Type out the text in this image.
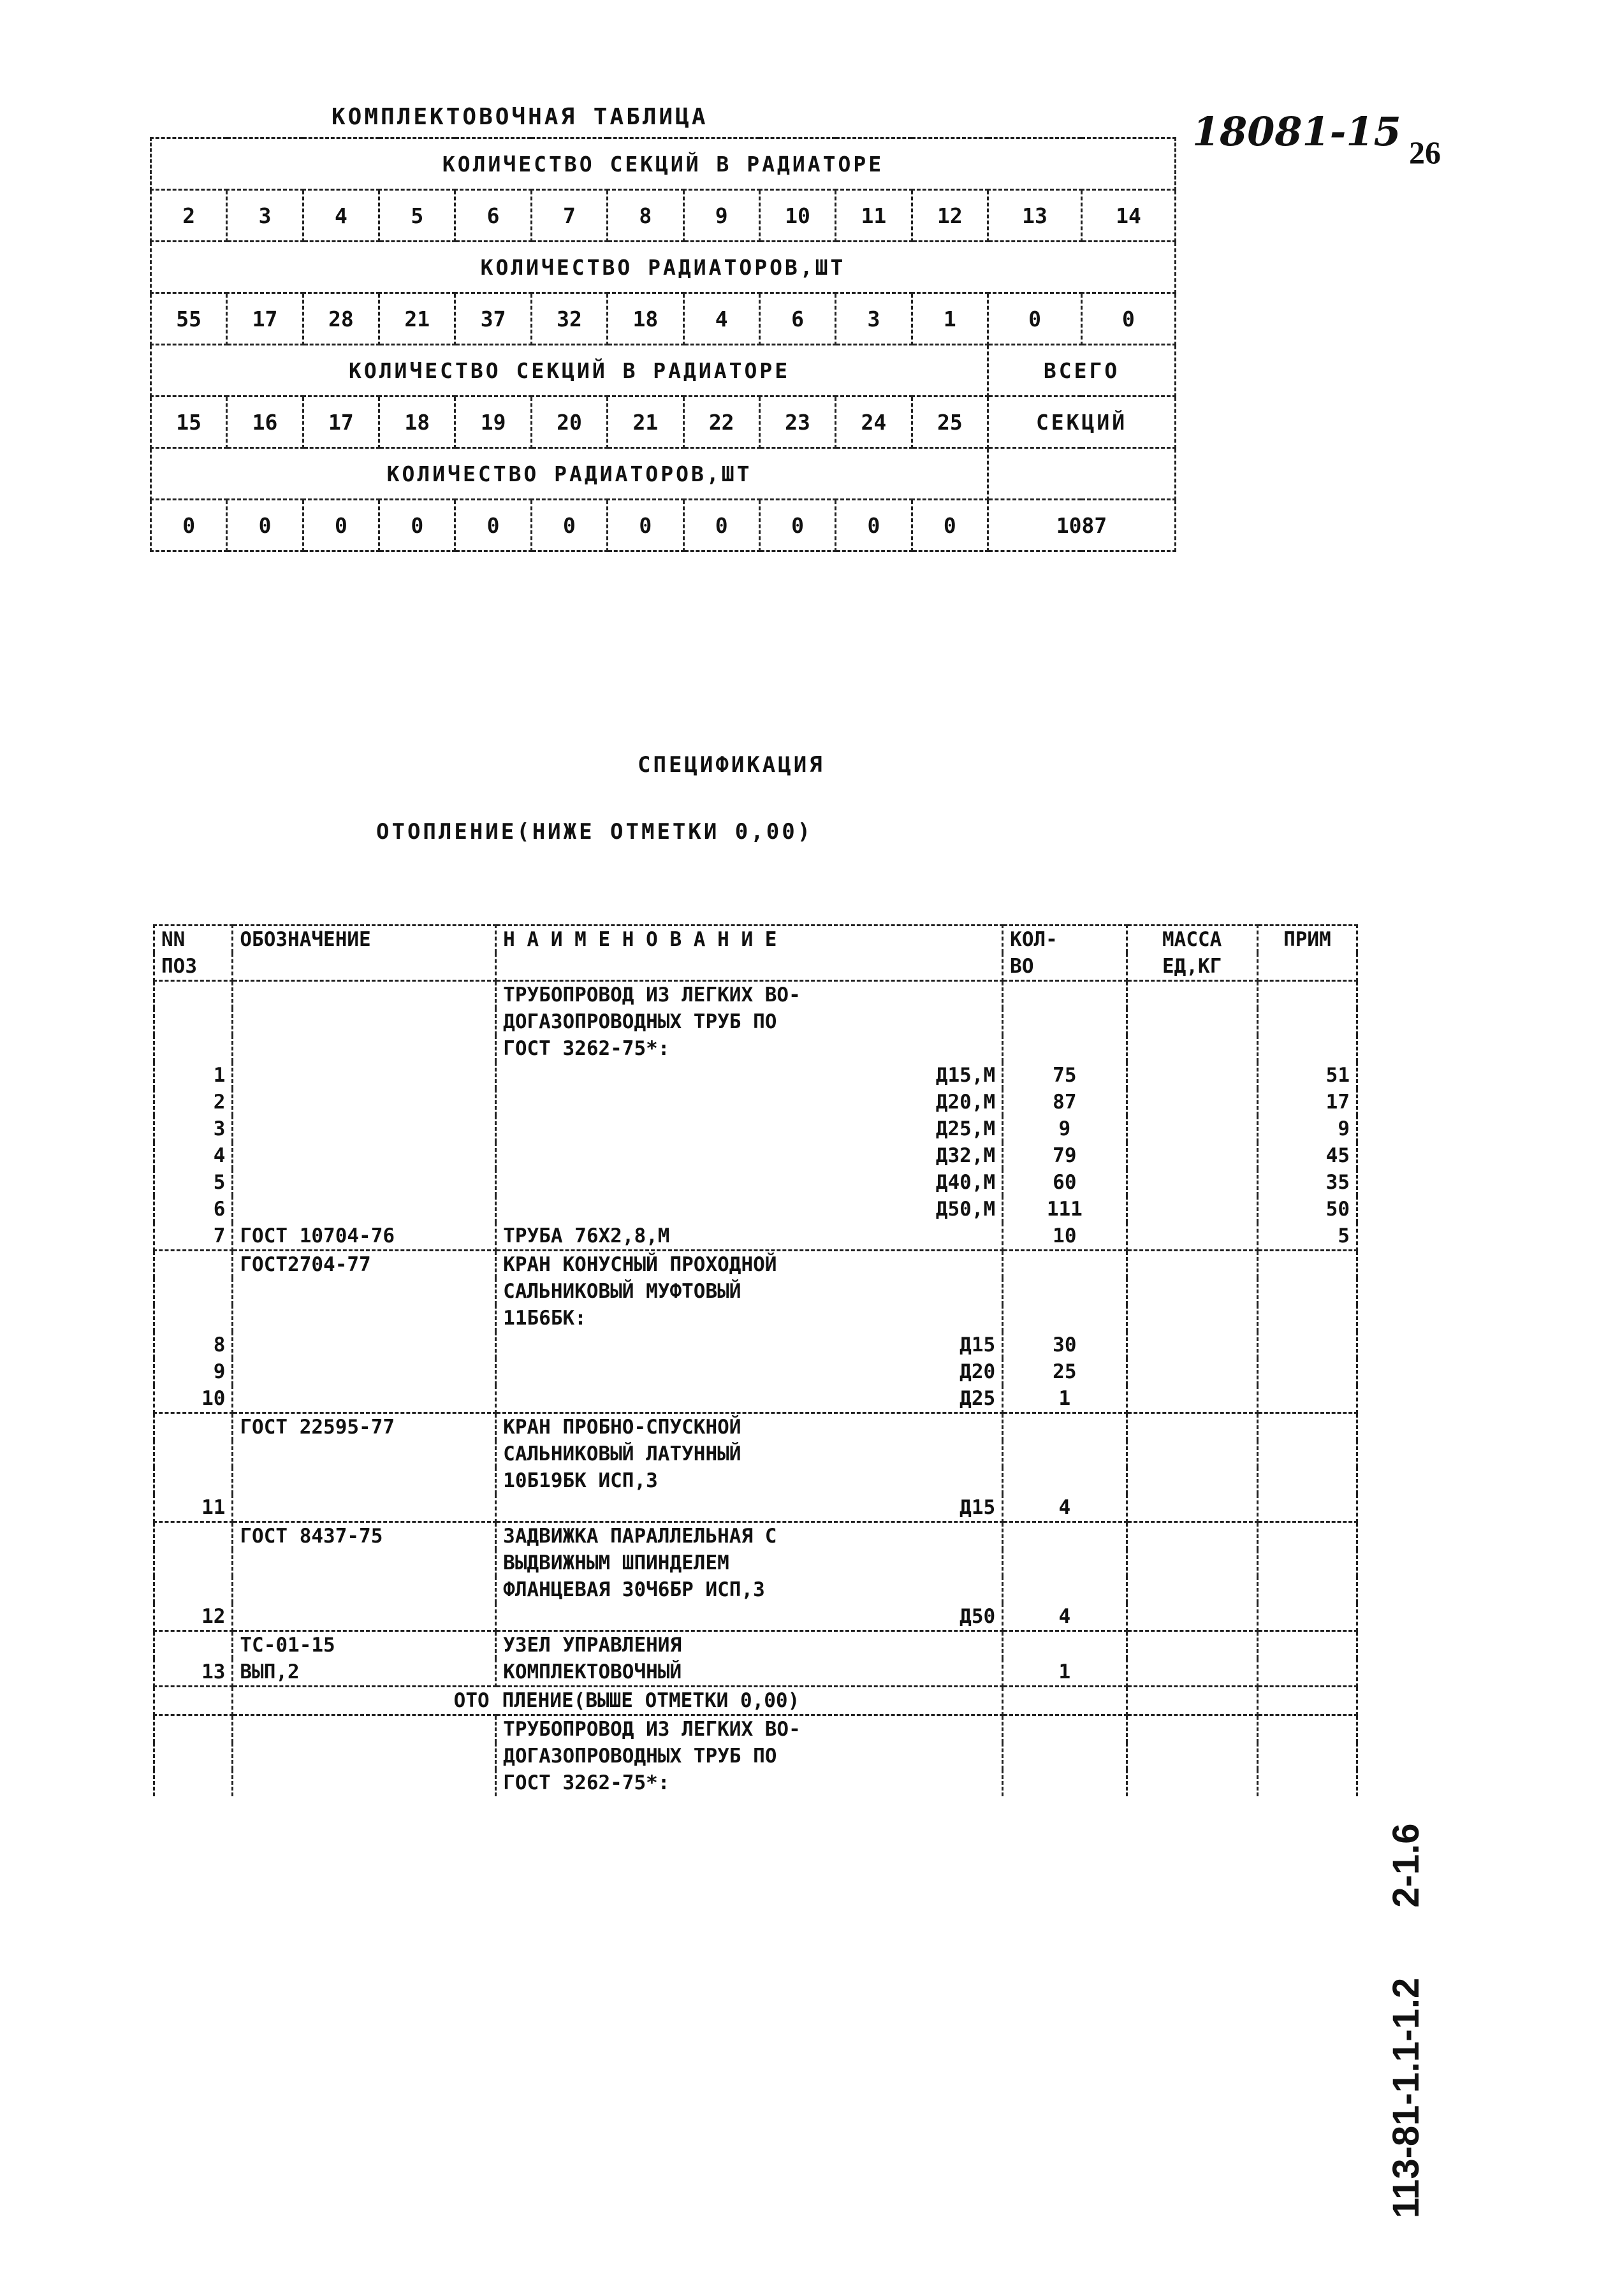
КОМПЛЕКТОВОЧНАЯ ТАБЛИЦА	18081-15 26
113-81-1.1-1.2
2-1.6
КОЛИЧЕСТВО СЕКЦИЙ В РАДИАТОРЕ												
2	3	4	5	6	7	8	9	10	11	12	13	14
КОЛИЧЕСТВО РАДИАТОРОВ,ШТ												
55	17	28	21	37	32	18	4	6	3	1	0	0
КОЛИЧЕСТВО СЕКЦИЙ В РАДИАТОРЕ											ВСЕГО	
15	16	17	18	19	20	21	22	23	24	25	СЕКЦИЙ	
КОЛИЧЕСТВО РАДИАТОРОВ,ШТ												
0	0	0	0	0	0	0	0	0	0	0	1087	
СПЕЦИФИКАЦИЯ
ОТОПЛЕНИЕ(НИЖЕ ОТМЕТКИ 0,00)
NN	ОБОЗНАЧЕНИЕ	Н А И М Е Н О В А Н И Е	КОЛ-	МАССА	ПРИМ
ПОЗ			ВО	ЕД,КГ	
		ТРУБОПРОВОД ИЗ ЛЕГКИХ ВО-			
		ДОГАЗОПРОВОДНЫХ ТРУБ ПО			
		ГОСТ 3262-75*:			
1		Д15,М	75		51
2		Д20,М	87		17
3		Д25,М	9		9
4		Д32,М	79		45
5		Д40,М	60		35
6		Д50,М	111		50
7	ГОСТ 10704-76	ТРУБА 76Х2,8,М	10		5
	ГОСТ2704-77	КРАН КОНУСНЫЙ ПРОХОДНОЙ			
		САЛЬНИКОВЫЙ МУФТОВЫЙ			
		11Б6БК:			
8		Д15	30		
9		Д20	25		
10		Д25	1		
	ГОСТ 22595-77	КРАН ПРОБНО-СПУСКНОЙ			
		САЛЬНИКОВЫЙ ЛАТУННЫЙ			
		10Б19БК ИСП,3			
11		Д15	4		
	ГОСТ 8437-75	ЗАДВИЖКА ПАРАЛЛЕЛЬНАЯ С			
		ВЫДВИЖНЫМ ШПИНДЕЛЕМ			
		ФЛАНЦЕВАЯ 30Ч6БР ИСП,3			
12		Д50	4		
	ТС-01-15	УЗЕЛ УПРАВЛЕНИЯ			
13	ВЫП,2	КОМПЛЕКТОВОЧНЫЙ	1		
	ОТО	ПЛЕНИЕ(ВЫШЕ ОТМЕТКИ 0,00)			
		ТРУБОПРОВОД ИЗ ЛЕГКИХ ВО-			
		ДОГАЗОПРОВОДНЫХ ТРУБ ПО			
		ГОСТ 3262-75*:			
